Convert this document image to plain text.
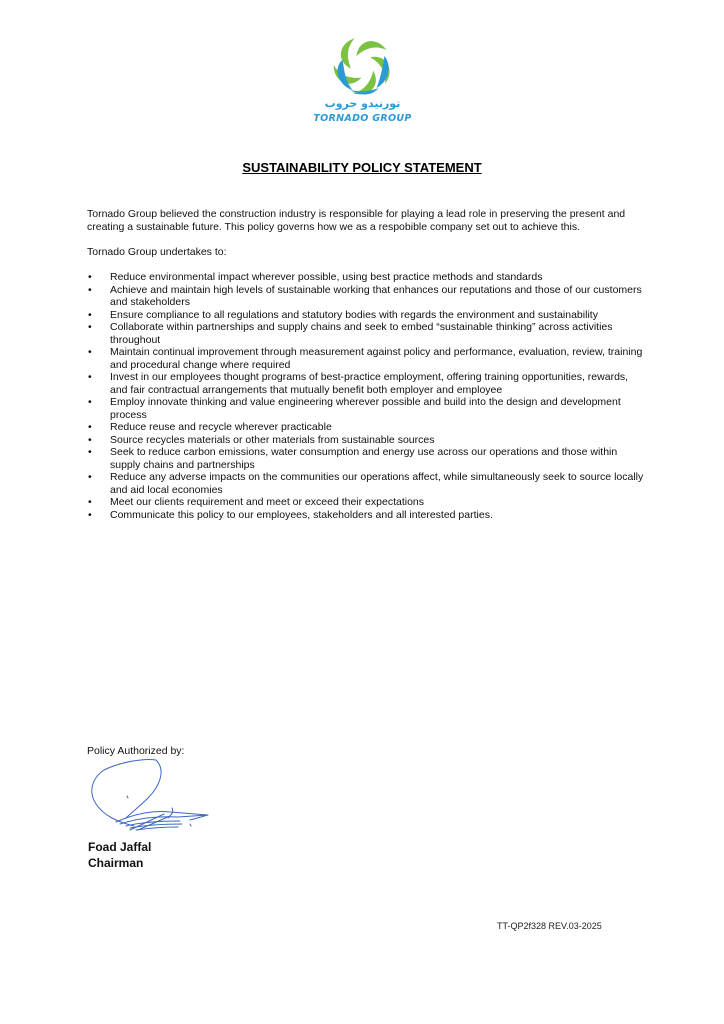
تورنيدو جروب
TORNADO GROUP
SUSTAINABILITY POLICY STATEMENT

Tornado Group believed the construction industry is responsible for playing a lead role in preserving the present and creating a sustainable future. This policy governs how we as a respobible company set out to achieve this.

Tornado Group undertakes to:

• Reduce environmental impact wherever possible, using best practice methods and standards
• Achieve and maintain high levels of sustainable working that enhances our reputations and those of our customers and stakeholders
• Ensure compliance to all regulations and statutory bodies with regards the environment and sustainability
• Collaborate within partnerships and supply chains and seek to embed “sustainable thinking” across activities throughout
• Maintain continual improvement through measurement against policy and performance, evaluation, review, training and procedural change where required
• Invest in our employees thought programs of best-practice employment, offering training opportunities, rewards, and fair contractual arrangements that mutually benefit both employer and employee
• Employ innovate thinking and value engineering wherever possible and build into the design and development process
• Reduce reuse and recycle wherever practicable
• Source recycles materials or other materials from sustainable sources
• Seek to reduce carbon emissions, water consumption and energy use across our operations and those within supply chains and partnerships
• Reduce any adverse impacts on the communities our operations affect, while simultaneously seek to source locally and aid local economies
• Meet our clients requirement and meet or exceed their expectations
• Communicate this policy to our employees, stakeholders and all interested parties.

Policy Authorized by:

Foad Jaffal

Chairman

TT-QP2f328 REV.03-2025
